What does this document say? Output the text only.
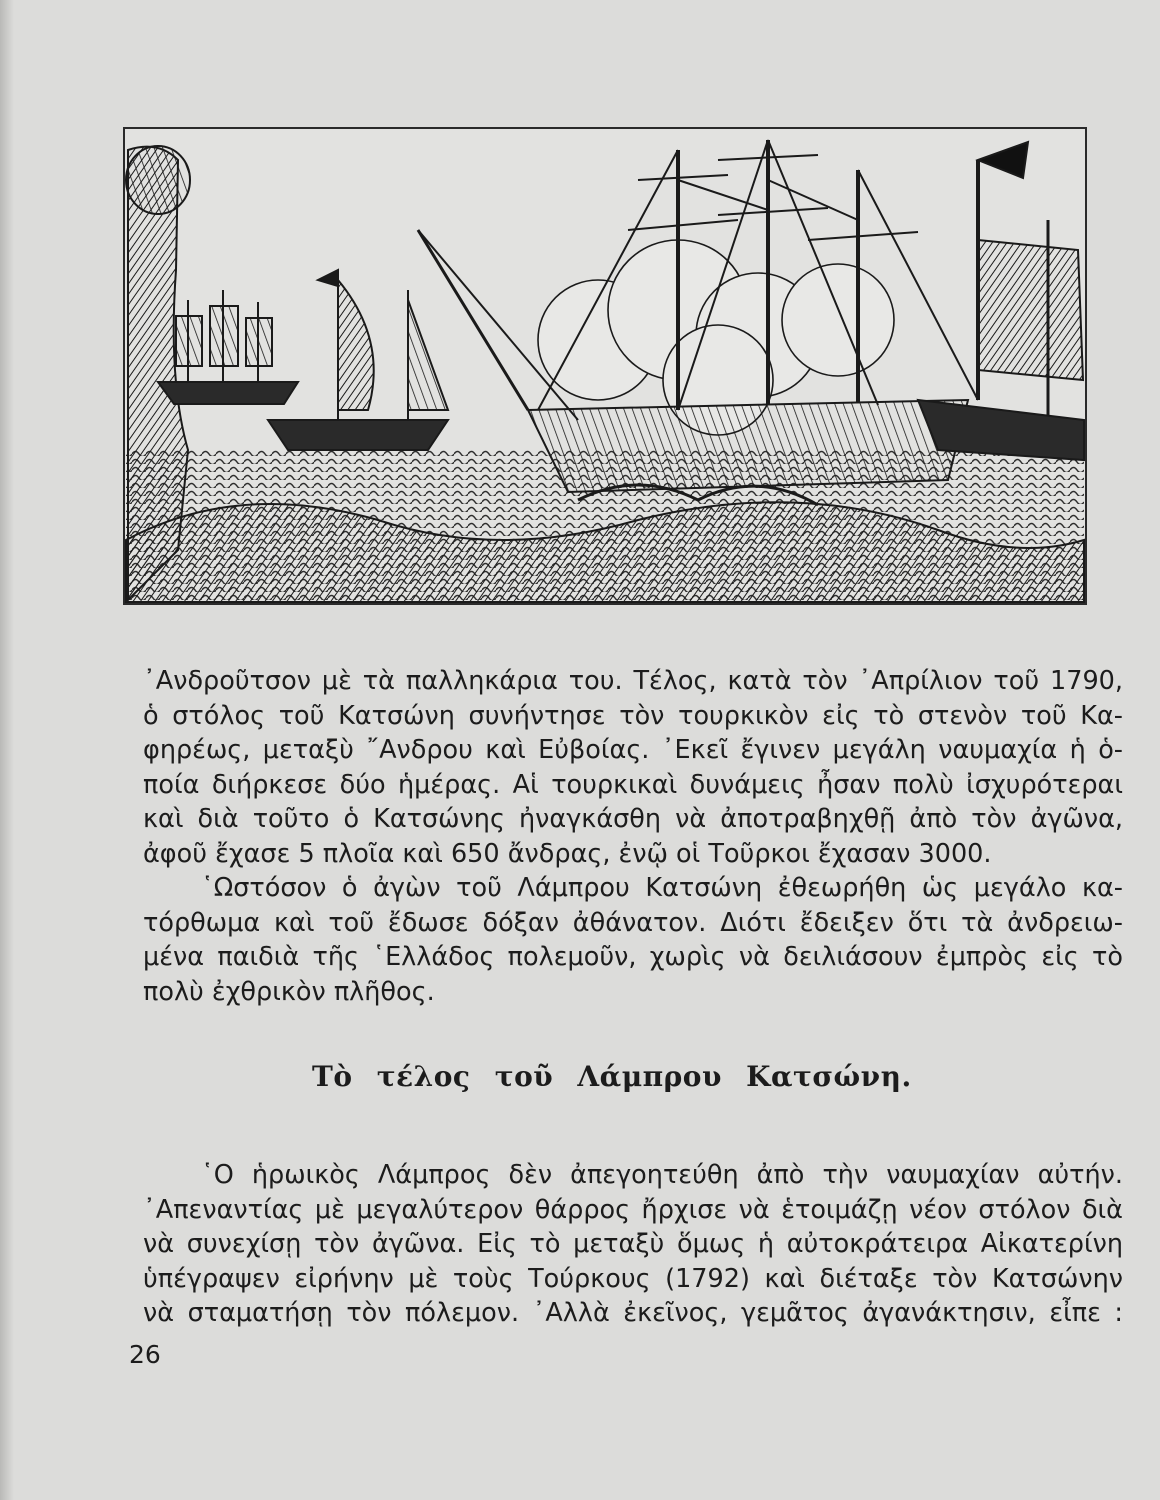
᾿Ανδροῦτσον μὲ τὰ παλληκάρια του. Τέλος, κατὰ τὸν ᾿Απρίλιον τοῦ 1790,
ὁ στόλος τοῦ Κατσώνη συνήντησε τὸν τουρκικὸν εἰς τὸ στενὸν τοῦ Κα-
φηρέως, μεταξὺ ῎Ανδρου καὶ Εὐβοίας. ᾿Εκεῖ ἔγινεν μεγάλη ναυμαχία ἡ ὁ-
ποία διήρκεσε δύο ἡμέρας. Αἱ τουρκικαὶ δυνάμεις ἦσαν πολὺ ἰσχυρότεραι
καὶ διὰ τοῦτο ὁ Κατσώνης ἠναγκάσθη νὰ ἀποτραβηχθῇ ἀπὸ τὸν ἀγῶνα,
ἀφοῦ ἔχασε 5 πλοῖα καὶ 650 ἄνδρας, ἐνῷ οἱ Τοῦρκοι ἔχασαν 3000.

῾Ωστόσον ὁ ἀγὼν τοῦ Λάμπρου Κατσώνη ἐθεωρήθη ὡς μεγάλο κα-
τόρθωμα καὶ τοῦ ἔδωσε δόξαν ἀθάνατον. Διότι ἔδειξεν ὅτι τὰ ἀνδρειω-
μένα παιδιὰ τῆς ῾Ελλάδος πολεμοῦν, χωρὶς νὰ δειλιάσουν ἐμπρὸς εἰς τὸ
πολὺ ἐχθρικὸν πλῆθος.

Τὸ τέλος τοῦ Λάμπρου Κατσώνη.

῾Ο ἡρωικὸς Λάμπρος δὲν ἀπεγοητεύθη ἀπὸ τὴν ναυμαχίαν αὐτήν.
᾿Απεναντίας μὲ μεγαλύτερον θάρρος ἤρχισε νὰ ἑτοιμάζῃ νέον στόλον διὰ
νὰ συνεχίσῃ τὸν ἀγῶνα. Εἰς τὸ μεταξὺ ὅμως ἡ αὐτοκράτειρα Αἰκατερίνη
ὑπέγραψεν εἰρήνην μὲ τοὺς Τούρκους (1792) καὶ διέταξε τὸν Κατσώνην
νὰ σταματήσῃ τὸν πόλεμον. ᾿Αλλὰ ἐκεῖνος, γεμᾶτος ἀγανάκτησιν, εἶπε :

26
